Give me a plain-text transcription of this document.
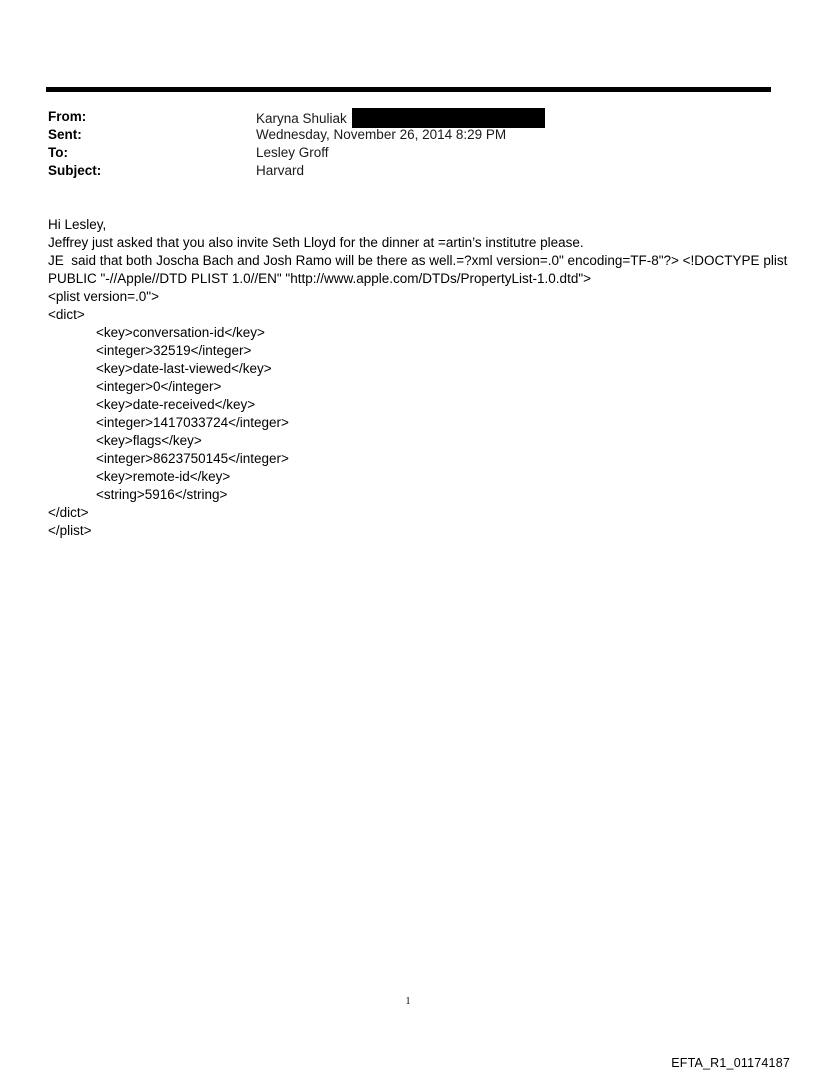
From:	Karyna Shuliak
Sent:	Wednesday, November 26, 2014 8:29 PM
To:	Lesley Groff
Subject:	Harvard
Hi Lesley,
Jeffrey just asked that you also invite Seth Lloyd for the dinner at =artin’s institutre please.
JE  said that both Joscha Bach and Josh Ramo will be there as well.=?xml version=.0" encoding=TF-8"?> <!DOCTYPE plist
PUBLIC "-//Apple//DTD PLIST 1.0//EN" "http://www.apple.com/DTDs/PropertyList-1.0.dtd">
<plist version=.0">
<dict>
<key>conversation-id</key>
<integer>32519</integer>
<key>date-last-viewed</key>
<integer>0</integer>
<key>date-received</key>
<integer>1417033724</integer>
<key>flags</key>
<integer>8623750145</integer>
<key>remote-id</key>
<string>5916</string>
</dict>
</plist>
1
EFTA_R1_01174187
